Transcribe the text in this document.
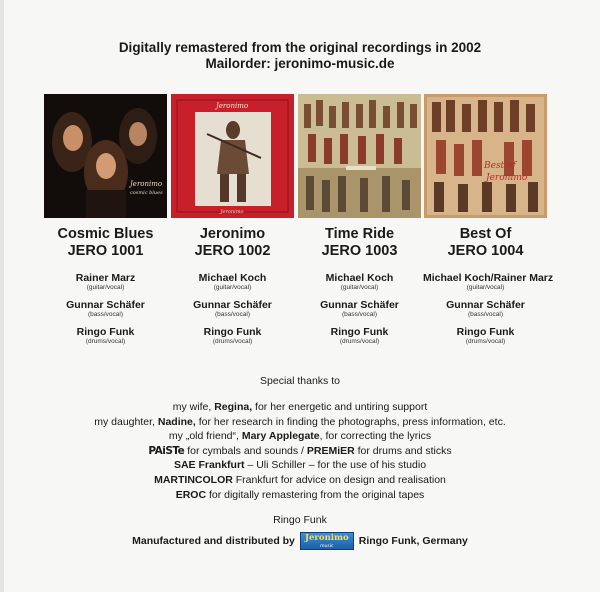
Digitally remastered from the original recordings in 2002
Mailorder: jeronimo-music.de
Jeronimo
cosmic blues
Jeronimo
Jeronimo
Best of
Jeronimo
Cosmic Blues
JERO 1001
Rainer Marz
(guitar/vocal)
Gunnar Schäfer
(bass/vocal)
Ringo Funk
(drums/vocal)
Jeronimo
JERO 1002
Michael Koch
(guitar/vocal)
Gunnar Schäfer
(bass/vocal)
Ringo Funk
(drums/vocal)
Time Ride
JERO 1003
Michael Koch
(guitar/vocal)
Gunnar Schäfer
(bass/vocal)
Ringo Funk
(drums/vocal)
Best Of
JERO 1004
Michael Koch/Rainer Marz
(guitar/vocal)
Gunnar Schäfer
(bass/vocal)
Ringo Funk
(drums/vocal)
Special thanks to
my wife, Regina, for her energetic and untiring support
my daughter, Nadine, for her research in finding the photographs, press information, etc.
my „old friend“, Mary Applegate, for correcting the lyrics
PAiSTe for cymbals and sounds / PREMiER for drums and sticks
SAE Frankfurt – Uli Schiller – for the use of his studio
MARTINCOLOR Frankfurt for advice on design and realisation
EROC for digitally remastering from the original tapes
Ringo Funk
Manufactured and distributed by Jeronimo
music	Ringo Funk, Germany
